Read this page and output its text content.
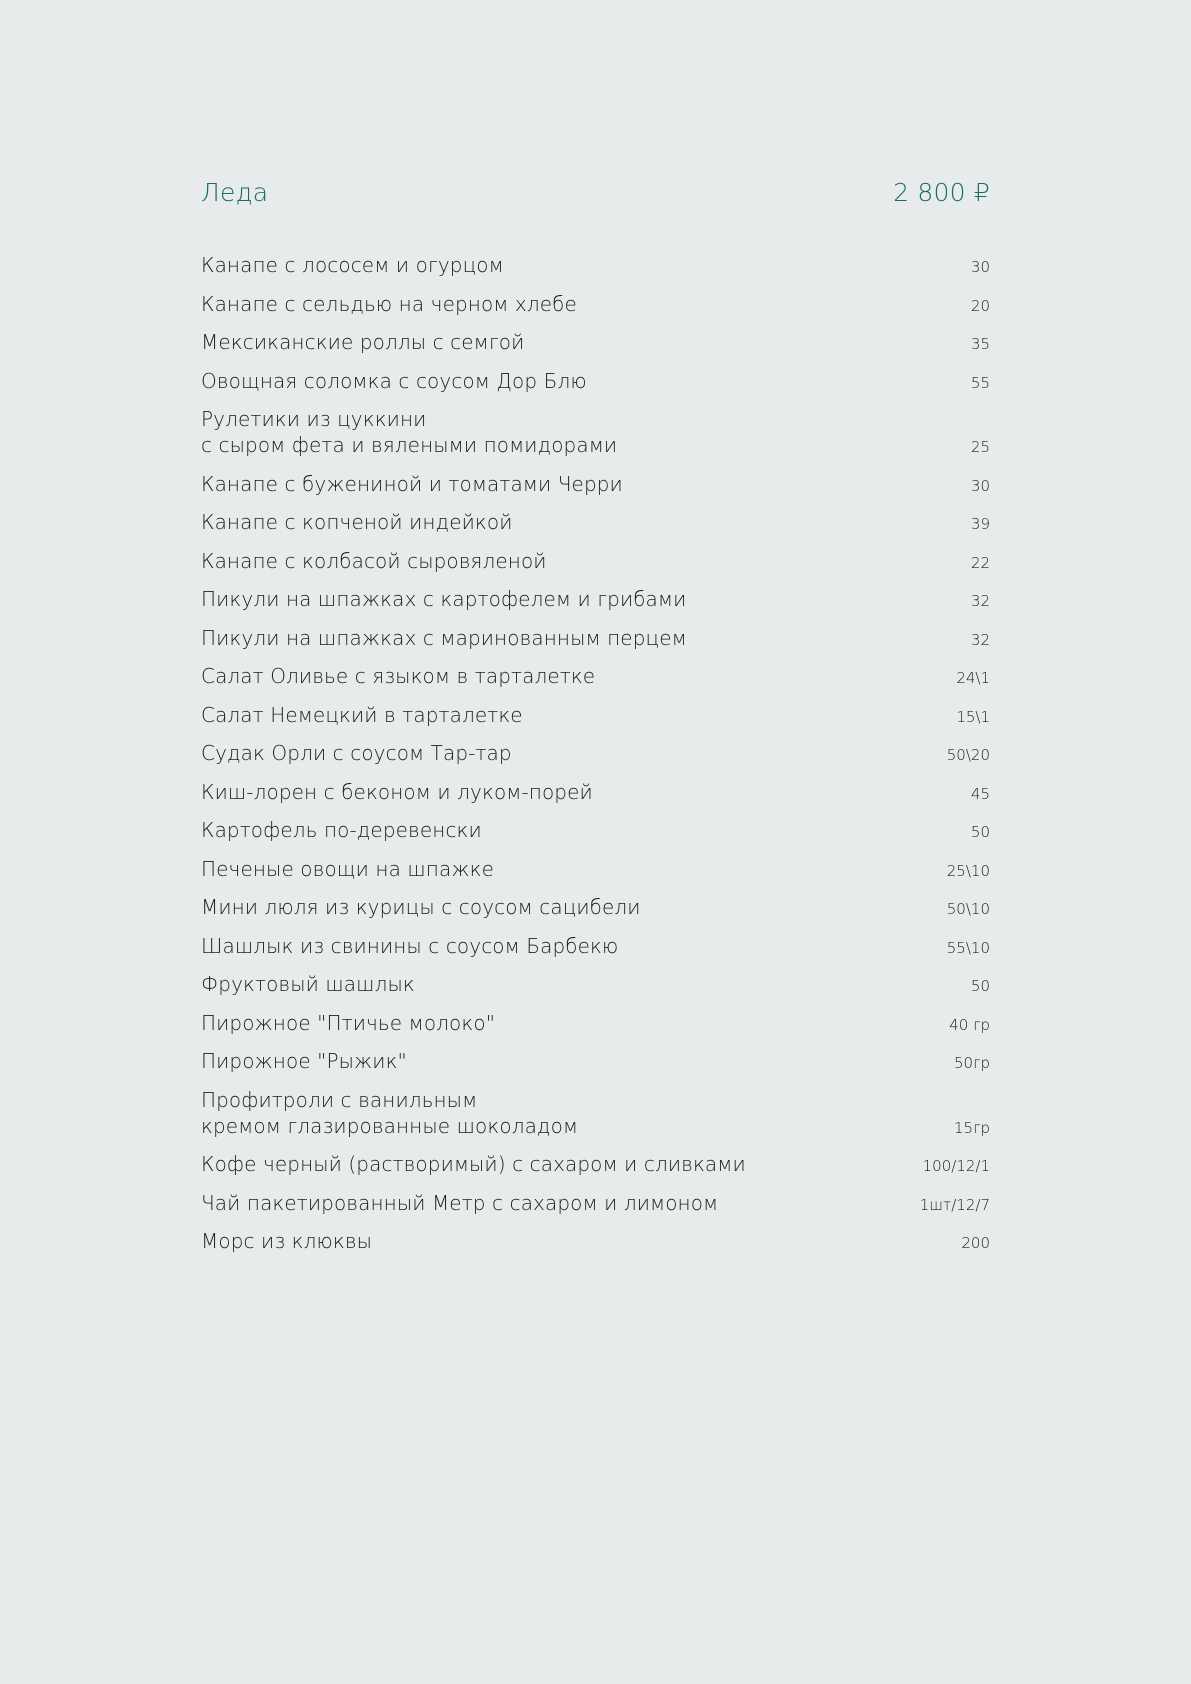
Леда	2 800 ₽
Канапе с лососем и огурцом	30
Канапе с сельдью на черном хлебе	20
Мексиканские роллы с семгой	35
Овощная соломка с соусом Дор Блю	55
Рулетики из цуккини
с сыром фета и вялеными помидорами	25
Канапе с бужениной и томатами Черри	30
Канапе с копченой индейкой	39
Канапе с колбасой сыровяленой	22
Пикули на шпажках с картофелем и грибами	32
Пикули на шпажках с маринованным перцем	32
Салат Оливье с языком в тарталетке	24\1
Салат Немецкий в тарталетке	15\1
Судак Орли с соусом Тар-тар	50\20
Киш-лорен с беконом и луком-порей	45
Картофель по-деревенски	50
Печеные овощи на шпажке	25\10
Мини люля из курицы с соусом сацибели	50\10
Шашлык из свинины с соусом Барбекю	55\10
Фруктовый шашлык	50
Пирожное "Птичье молоко"	40 гр
Пирожное "Рыжик"	50гр
Профитроли с ванильным
кремом глазированные шоколадом	15гр
Кофе черный (растворимый) с сахаром и сливками	100/12/1
Чай пакетированный Метр с сахаром и лимоном	1шт/12/7
Морс из клюквы	200
